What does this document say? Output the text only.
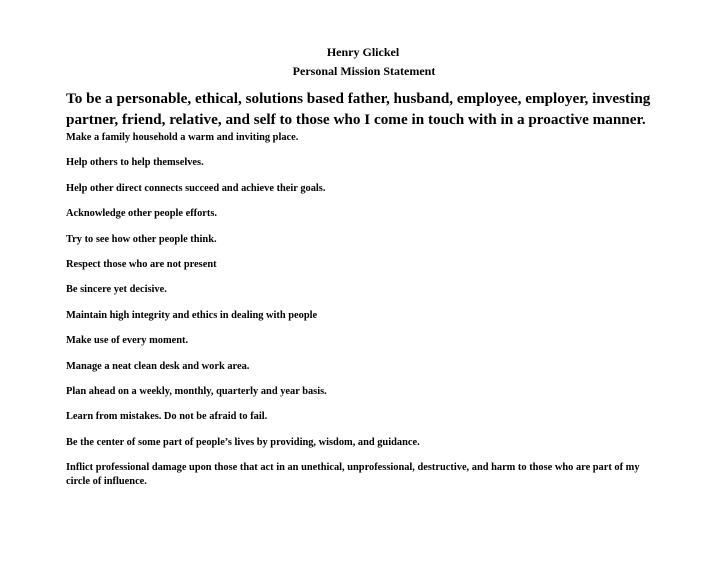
Henry Glickel
Personal Mission Statement

To be a personable, ethical, solutions based father, husband, employee, employer, investing partner, friend, relative, and self to those who I come in touch with in a proactive manner.

Make a family household a warm and inviting place.
Help others to help themselves.
Help other direct connects succeed and achieve their goals.
Acknowledge other people efforts.
Try to see how other people think.
Respect those who are not present
Be sincere yet decisive.
Maintain high integrity and ethics in dealing with people
Make use of every moment.
Manage a neat clean desk and work area.
Plan ahead on a weekly, monthly, quarterly and year basis.
Learn from mistakes. Do not be afraid to fail.
Be the center of some part of people’s lives by providing, wisdom, and guidance.
Inflict professional damage upon those that act in an unethical, unprofessional, destructive, and harm to those who are part of my circle of influence.
